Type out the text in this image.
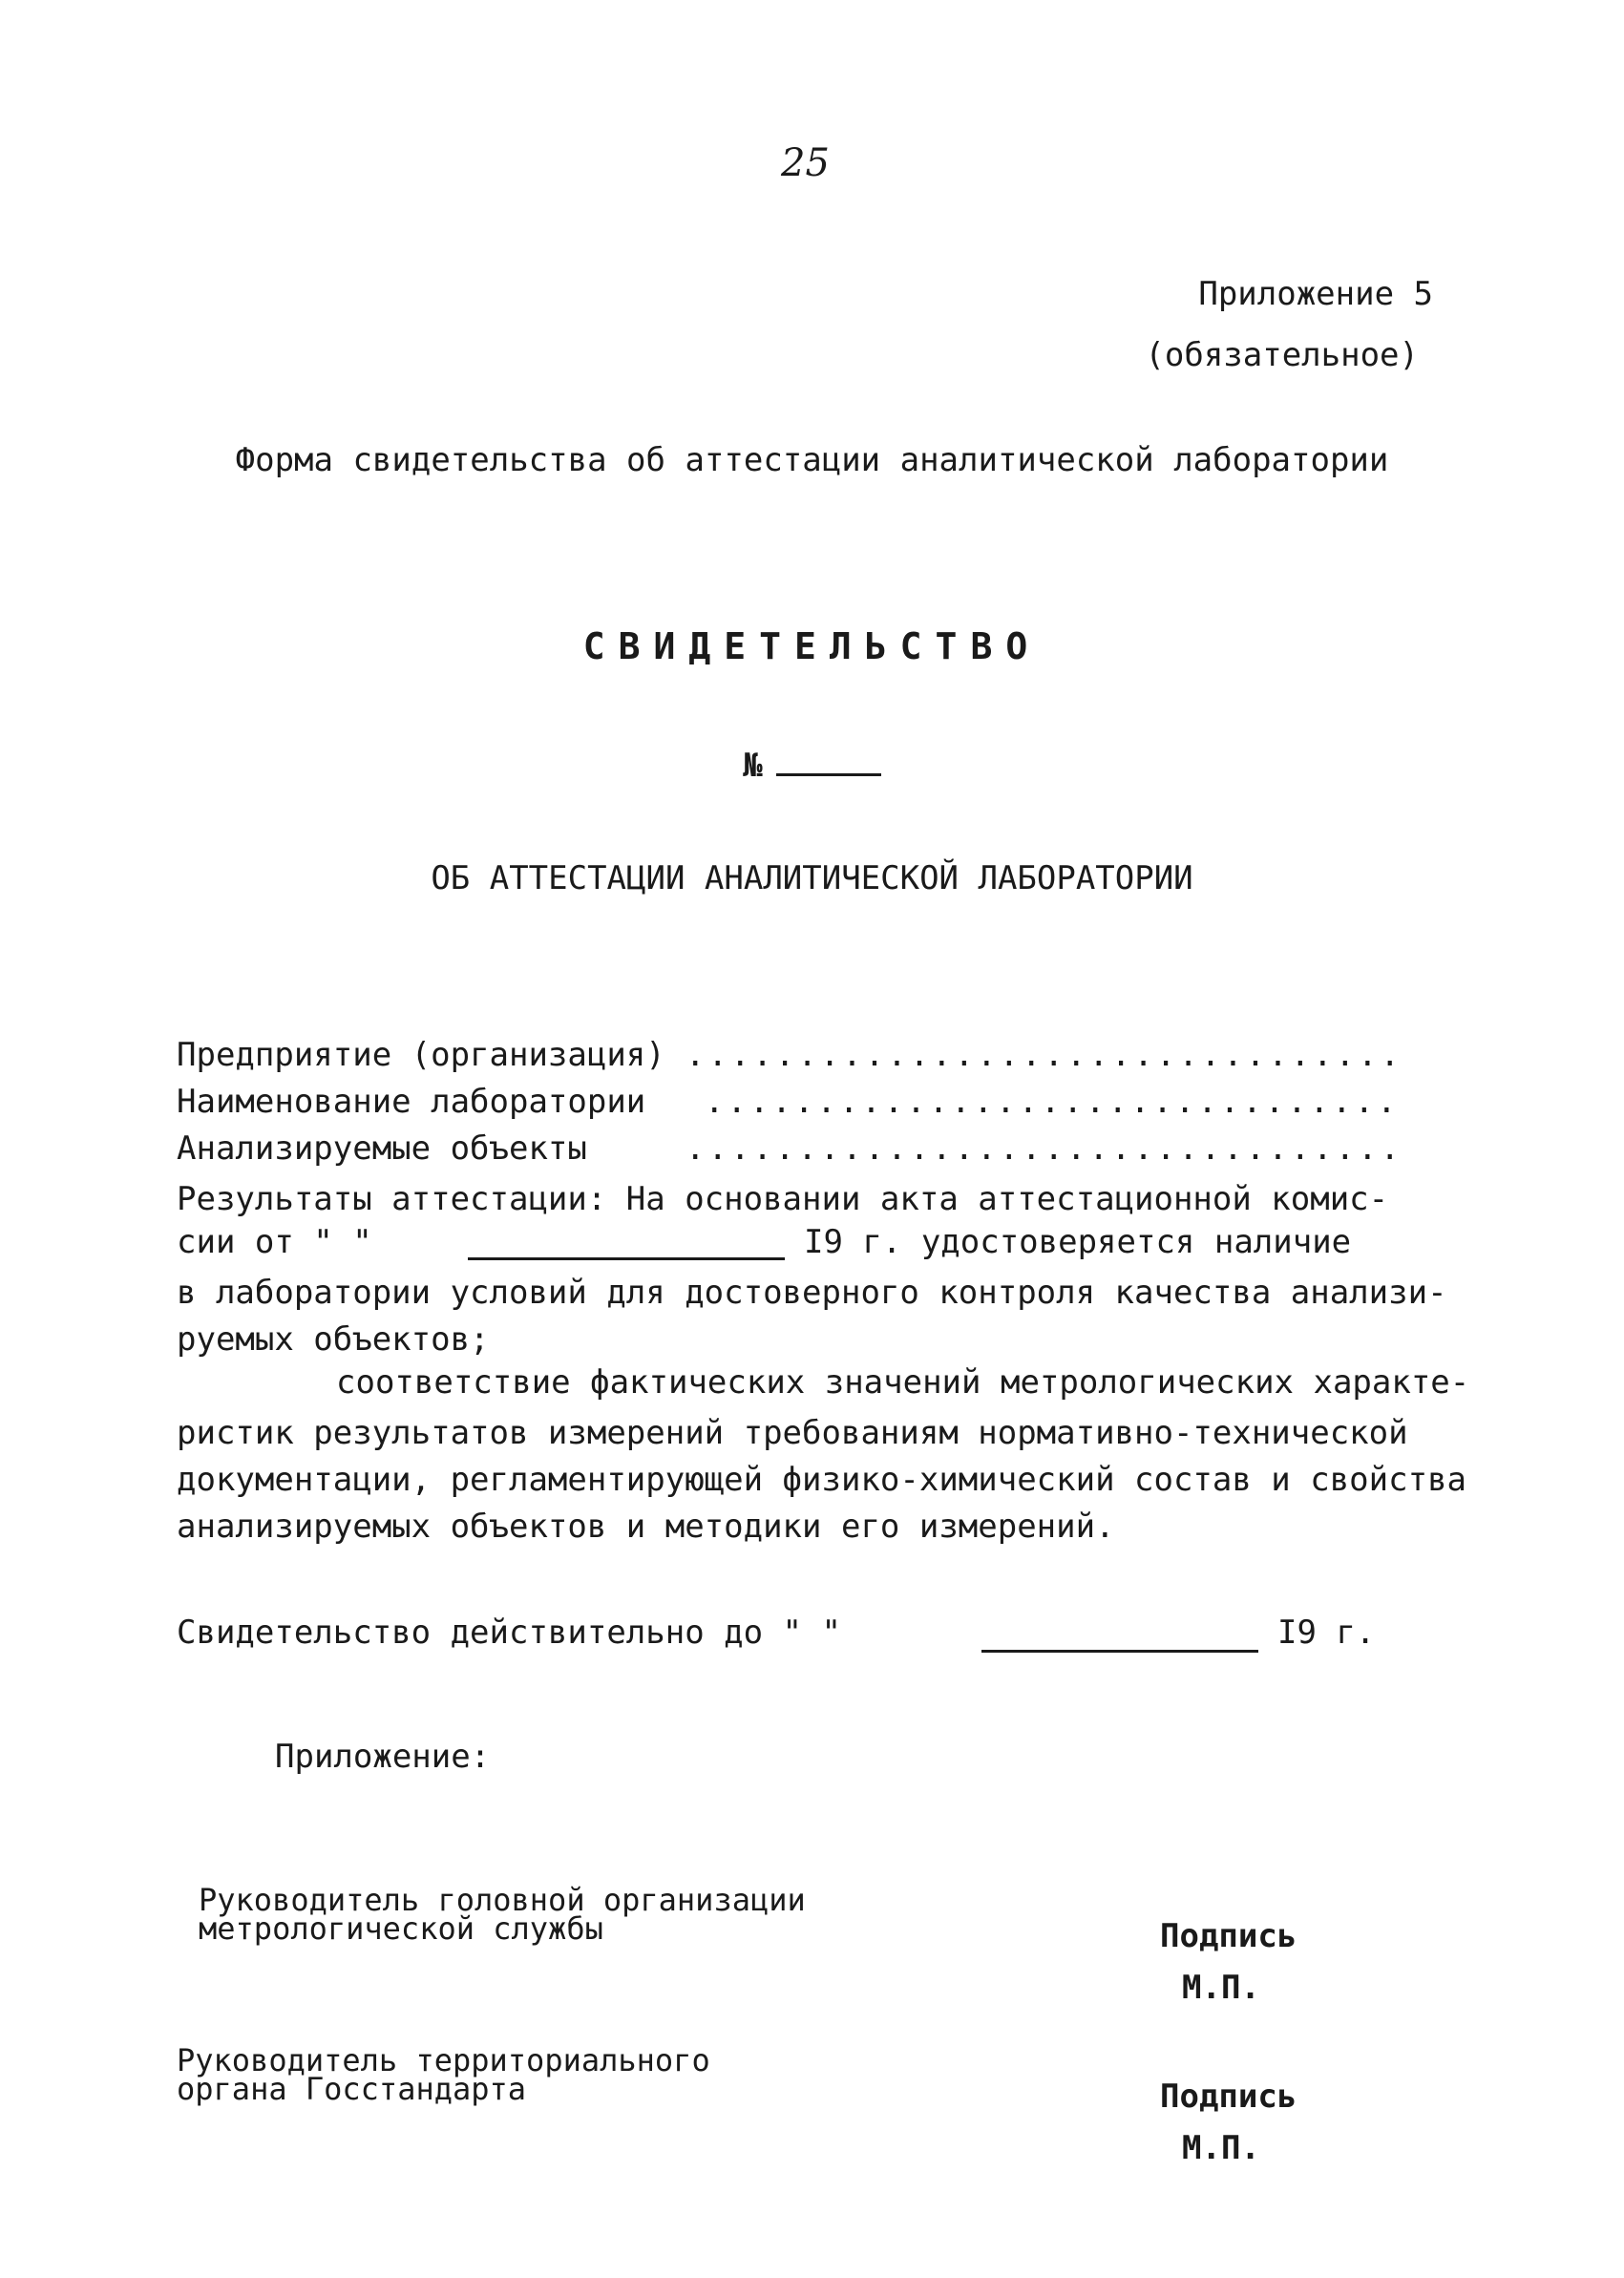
25
Приложение 5
(обязательное)
Форма свидетельства об аттестации аналитической лаборатории
СВИДЕТЕЛЬСТВО
№
ОБ АТТЕСТАЦИИ АНАЛИТИЧЕСКОЙ ЛАБОРАТОРИИ
Предприятие (организация) ................................
Наименование лаборатории ...............................
Анализируемые объекты	................................
Результаты аттестации: На основании акта аттестационной комис-
сии от " "	I9 г. удостоверяется наличие
в лаборатории условий для достоверного контроля качества анализи-
руемых объектов;
соответствие фактических значений метрологических характе-
ристик результатов измерений требованиям нормативно-технической
документации, регламентирующей физико-химический состав и свойства
анализируемых объектов и методики его измерений.
Свидетельство действительно до " "	I9 г.
Приложение:
Руководитель головной организации
метрологической службы	Подпись
М.П.
Руководитель территориального
органа Госстандарта	Подпись
М.П.
